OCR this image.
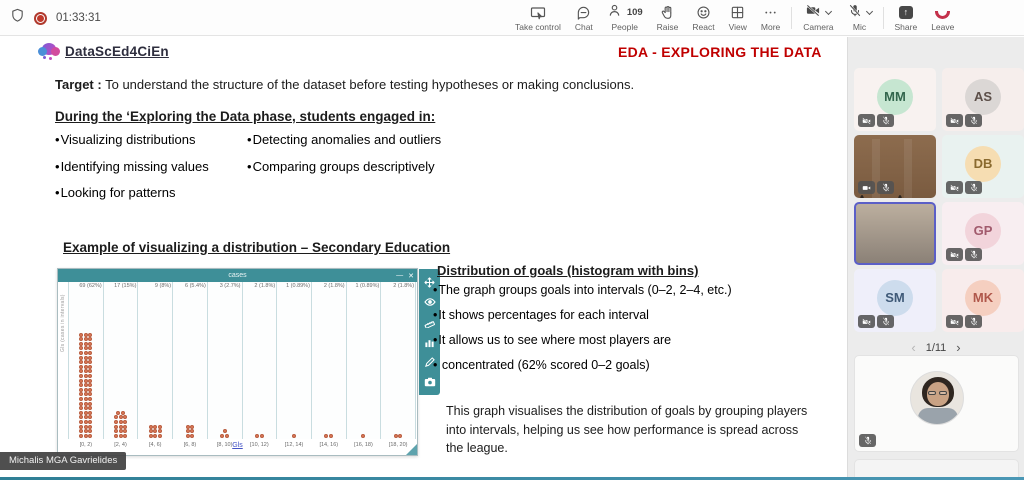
01:33:31
Take control Chat
109
People Raise React View More	Camera Mic
↑
Share Leave
DataScEd4CiEn	EDA - EXPLORING THE DATA
Target : To understand the structure of the dataset before testing hypotheses or making conclusions.
During the ‘Exploring the Data phase, students engaged in:
• Visualizing distributions
• Identifying missing values
• Looking for patterns
• Detecting anomalies and outliers
• Comparing groups descriptively
Example of visualizing a distribution – Secondary Education
cases	— ✕
69 (62%)
[0, 2)
17 (15%)
[2, 4)
9 (8%)
[4, 6)
6 (5.4%)
[6, 8)
3 (2.7%)
[8, 10)
2 (1.8%)
[10, 12)
1 (0.89%)
[12, 14)
2 (1.8%)
[14, 16)
1 (0.89%)
[16, 18)
2 (1.8%)
[18, 20)
Gls (cases in intervals)
Gls
Distribution of goals (histogram with bins)
• The graph groups goals into intervals (0–2, 2–4, etc.)
• It shows percentages for each interval
• It allows us to see where most players are
• concentrated (62% scored 0–2 goals)
This graph visualises the distribution of goals by grouping players into intervals, helping us see how performance is spread across the league.
Michalis MGA Gavrielides
MM	AS
DB
GP
SM	MK
‹ 1/11 ›
